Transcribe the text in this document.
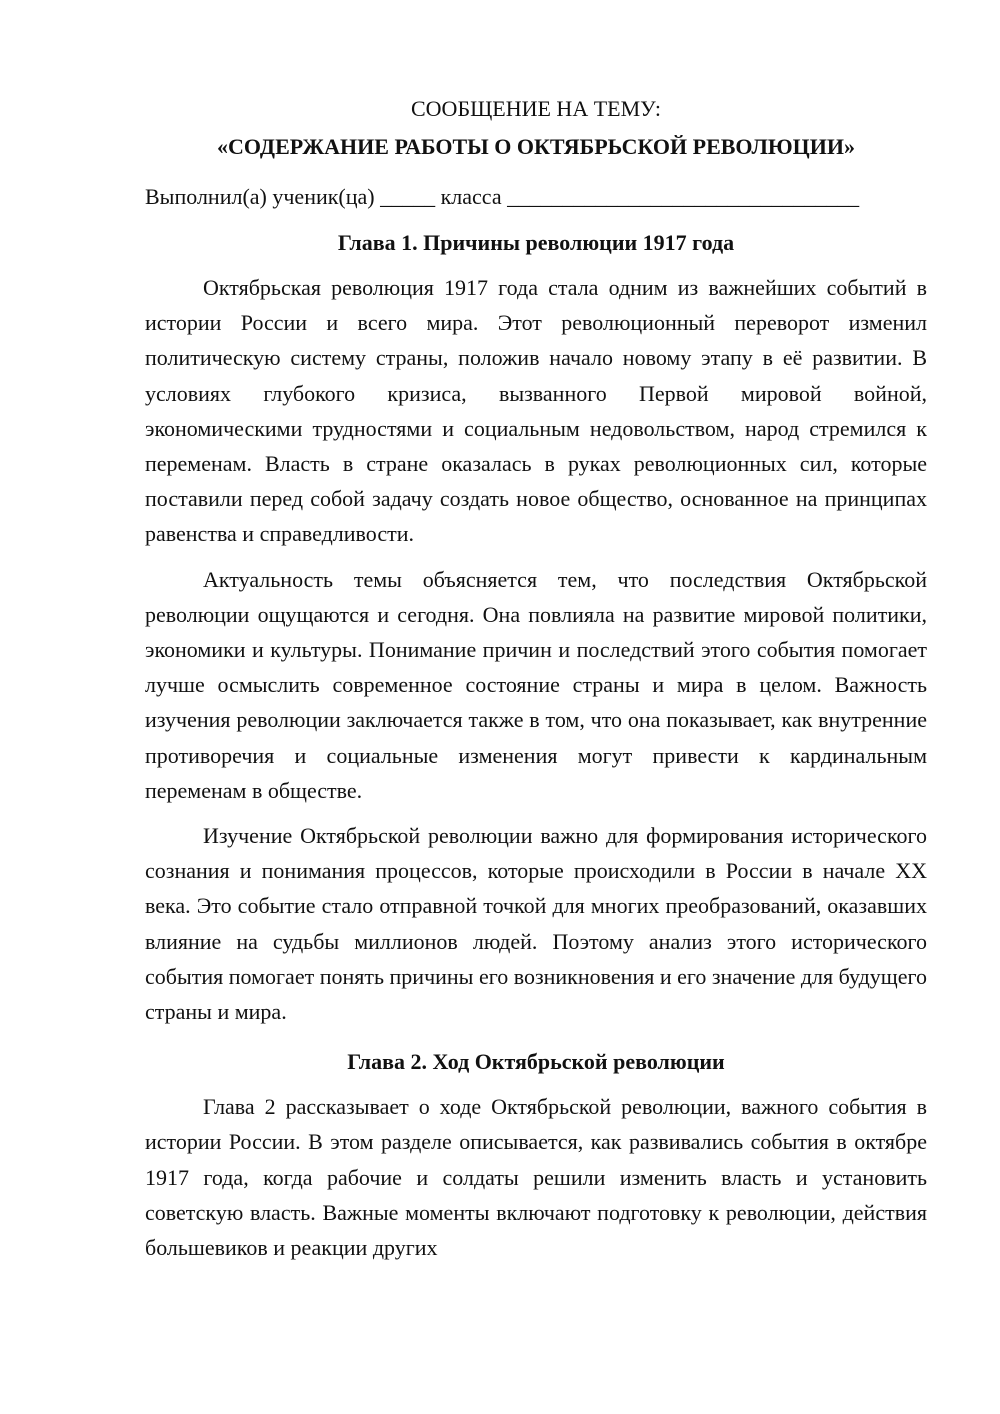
СООБЩЕНИЕ НА ТЕМУ:

«СОДЕРЖАНИЕ РАБОТЫ О ОКТЯБРЬСКОЙ РЕВОЛЮЦИИ»

Выполнил(а) ученик(ца) _____ класса ________________________________

Глава 1. Причины революции 1917 года

Октябрьская революция 1917 года стала одним из важнейших событий в истории России и всего мира. Этот революционный переворот изменил политическую систему страны, положив начало новому этапу в её развитии. В условиях глубокого кризиса, вызванного Первой мировой войной, экономическими трудностями и социальным недовольством, народ стремился к переменам. Власть в стране оказалась в руках революционных сил, которые поставили перед собой задачу создать новое общество, основанное на принципах равенства и справедливости.

Актуальность темы объясняется тем, что последствия Октябрьской революции ощущаются и сегодня. Она повлияла на развитие мировой политики, экономики и культуры. Понимание причин и последствий этого события помогает лучше осмыслить современное состояние страны и мира в целом. Важность изучения революции заключается также в том, что она показывает, как внутренние противоречия и социальные изменения могут привести к кардинальным переменам в обществе.

Изучение Октябрьской революции важно для формирования исторического сознания и понимания процессов, которые происходили в России в начале XX века. Это событие стало отправной точкой для многих преобразований, оказавших влияние на судьбы миллионов людей. Поэтому анализ этого исторического события помогает понять причины его возникновения и его значение для будущего страны и мира.

Глава 2. Ход Октябрьской революции

Глава 2 рассказывает о ходе Октябрьской революции, важного события в истории России. В этом разделе описывается, как развивались события в октябре 1917 года, когда рабочие и солдаты решили изменить власть и установить советскую власть. Важные моменты включают подготовку к революции, действия большевиков и реакции других
